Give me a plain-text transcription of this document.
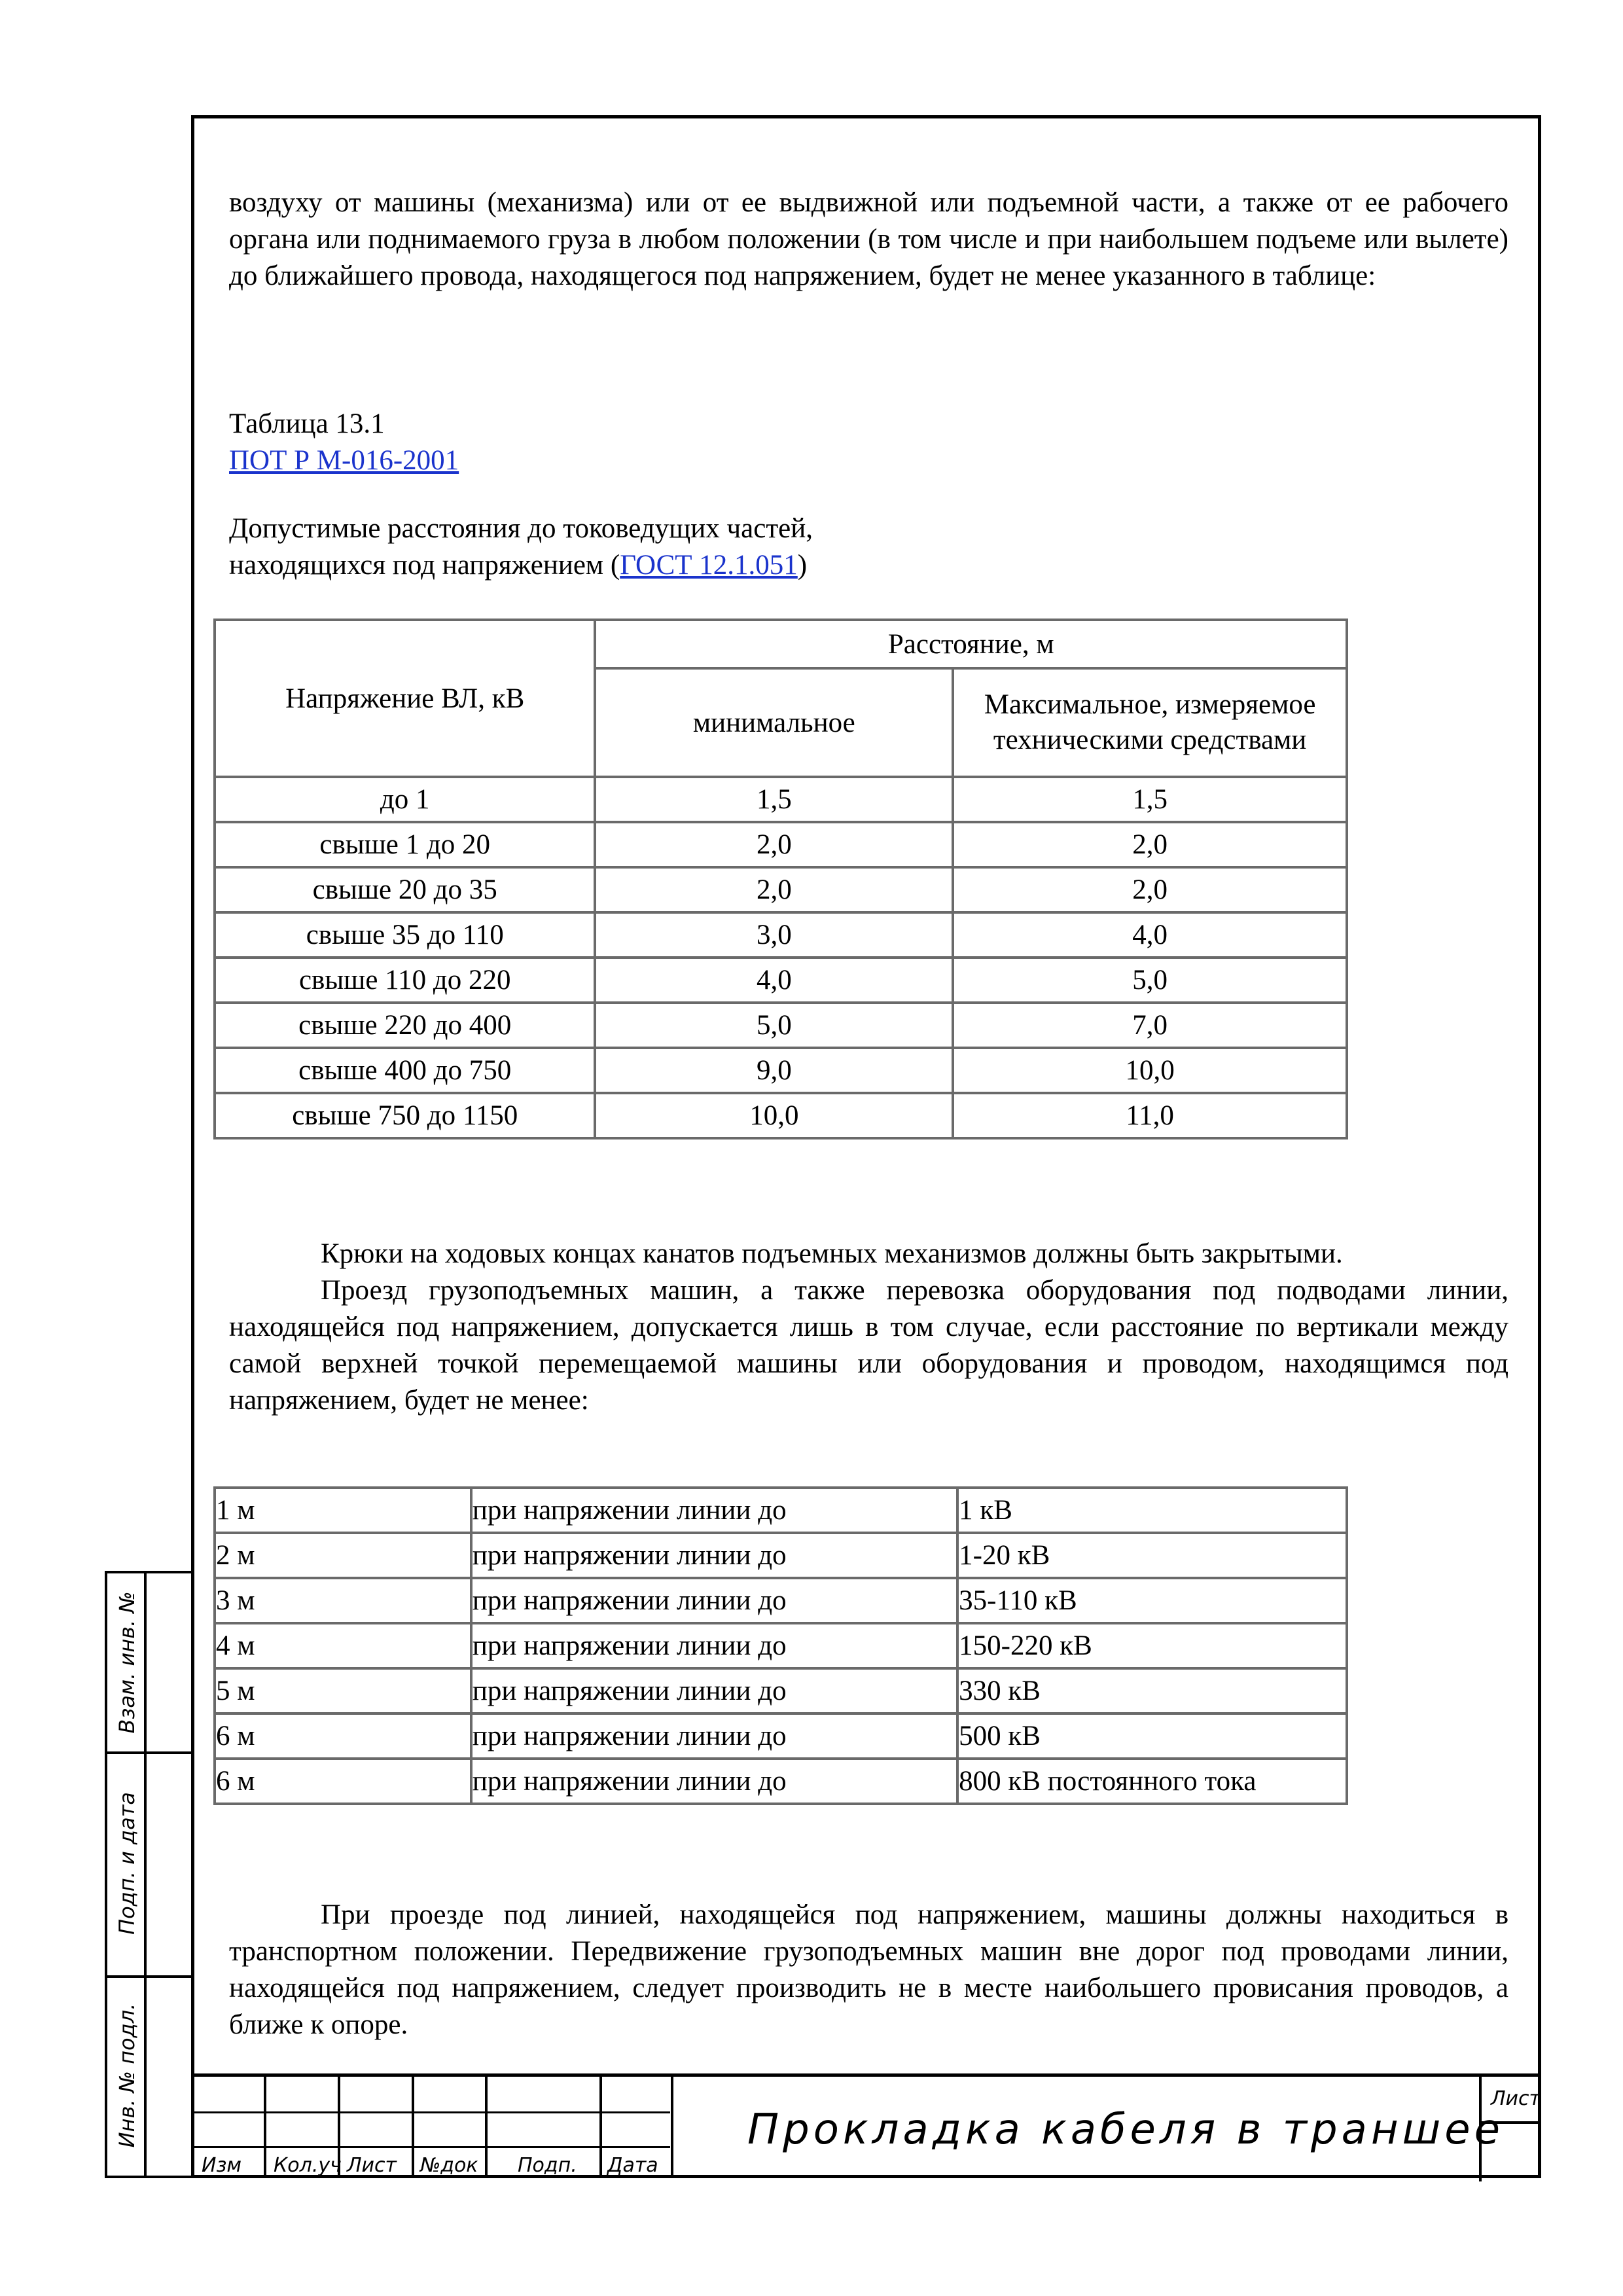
воздуху от машины (механизма) или от ее выдвижной или подъемной части, а также от ее рабочего органа или поднимаемого груза в любом положении (в том числе и при наибольшем подъеме или вылете) до ближайшего провода, находящегося под напряжением, будет не менее указанного в таблице:

Таблица 13.1
ПОТ Р М-016-2001
Допустимые расстояния до токоведущих частей,
находящихся под напряжением (ГОСТ 12.1.051)
Напряжение ВЛ, кВ	Расстояние, м	
	минимальное	Максимальное, измеряемое техническими средствами
до 1	1,5	1,5
свыше 1 до 20	2,0	2,0
свыше 20 до 35	2,0	2,0
свыше 35 до 110	3,0	4,0
свыше 110 до 220	4,0	5,0
свыше 220 до 400	5,0	7,0
свыше 400 до 750	9,0	10,0
свыше 750 до 1150	10,0	11,0

Крюки на ходовых концах канатов подъемных механизмов должны быть закрытыми.

Проезд грузоподъемных машин, а также перевозка оборудования под подводами линии, находящейся под напряжением, допускается лишь в том случае, если расстояние по вертикали между самой верхней точкой перемещаемой машины или оборудования и проводом, находящимся под напряжением, будет не менее:

1 м	при напряжении линии до	1 кВ
2 м	при напряжении линии до	1-20 кВ
3 м	при напряжении линии до	35-110 кВ
4 м	при напряжении линии до	150-220 кВ
5 м	при напряжении линии до	330 кВ
6 м	при напряжении линии до	500 кВ
6 м	при напряжении линии до	800 кВ постоянного тока

При проезде под линией, находящейся под напряжением, машины должны находиться в транспортном положении. Передвижение грузоподъемных машин вне дорог под проводами линии, находящейся под напряжением, следует производить не в месте наибольшего провисания проводов, а ближе к опоре.

Взам. инв. №
Подп. и дата
Инв. № подл.
Изм Кол.уч Лист №док Подп. Дата
Прокладка кабеля в траншее
Лист
